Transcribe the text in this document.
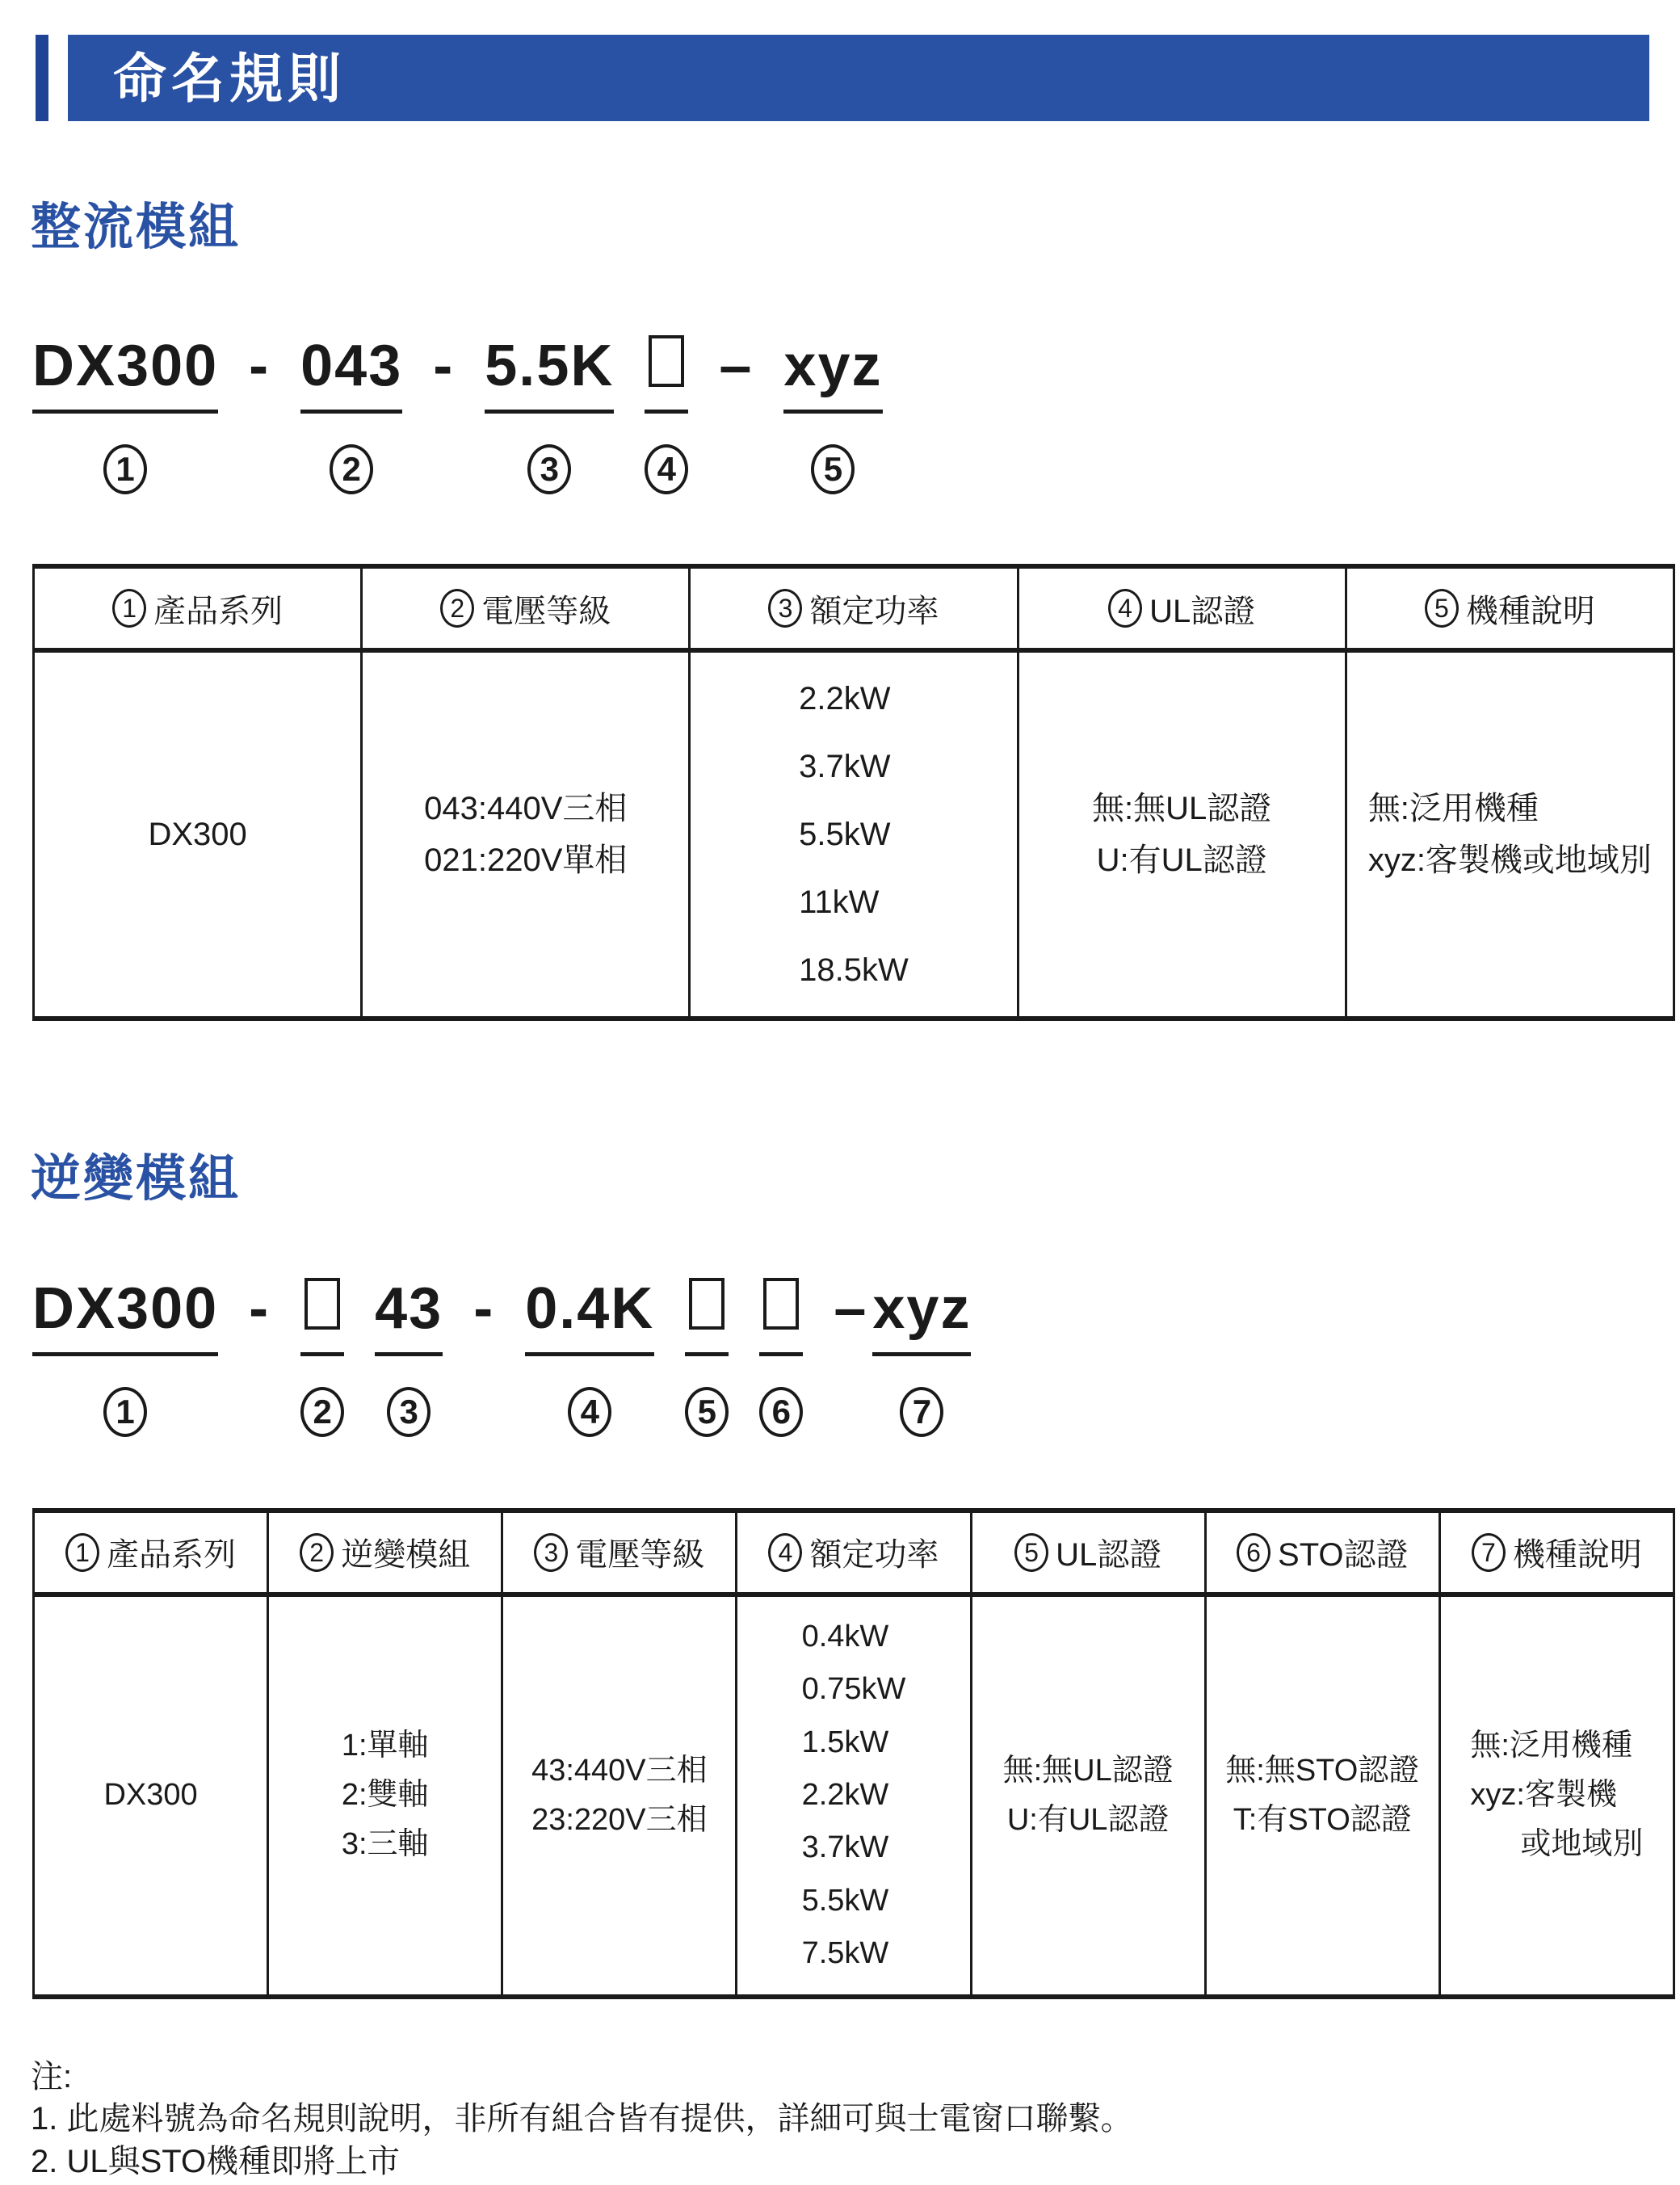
命名規則
整流模組
DX300
1
- 043
2
- 5.5K
3	4
– xyz
5
1 產品系列	2 電壓等級	3 額定功率	4 UL認證	5 機種說明

DX300	
043:440V三相
021:220V單相

2.2kW
3.7kW
5.5kW
11kW
18.5kW

無:無UL認證
U:有UL認證

無:泛用機種
xyz:客製機或地域別
逆變模組
DX300
1
-
2
43
3
- 0.4K
4	5	6
– xyz
7
1 產品系列	2 逆變模組	3 電壓等級	4 額定功率	5 UL認證	6 STO認證	7 機種說明

DX300	
1:單軸
2:雙軸
3:三軸

43:440V三相
23:220V三相

0.4kW
0.75kW
1.5kW
2.2kW
3.7kW
5.5kW
7.5kW

無:無UL認證
U:有UL認證

無:無STO認證
T:有STO認證

無:泛用機種
xyz:客製機
或地域別
注:
1. 此處料號為命名規則說明，非所有組合皆有提供，詳細可與士電窗口聯繫。
2. UL與STO機種即將上市
